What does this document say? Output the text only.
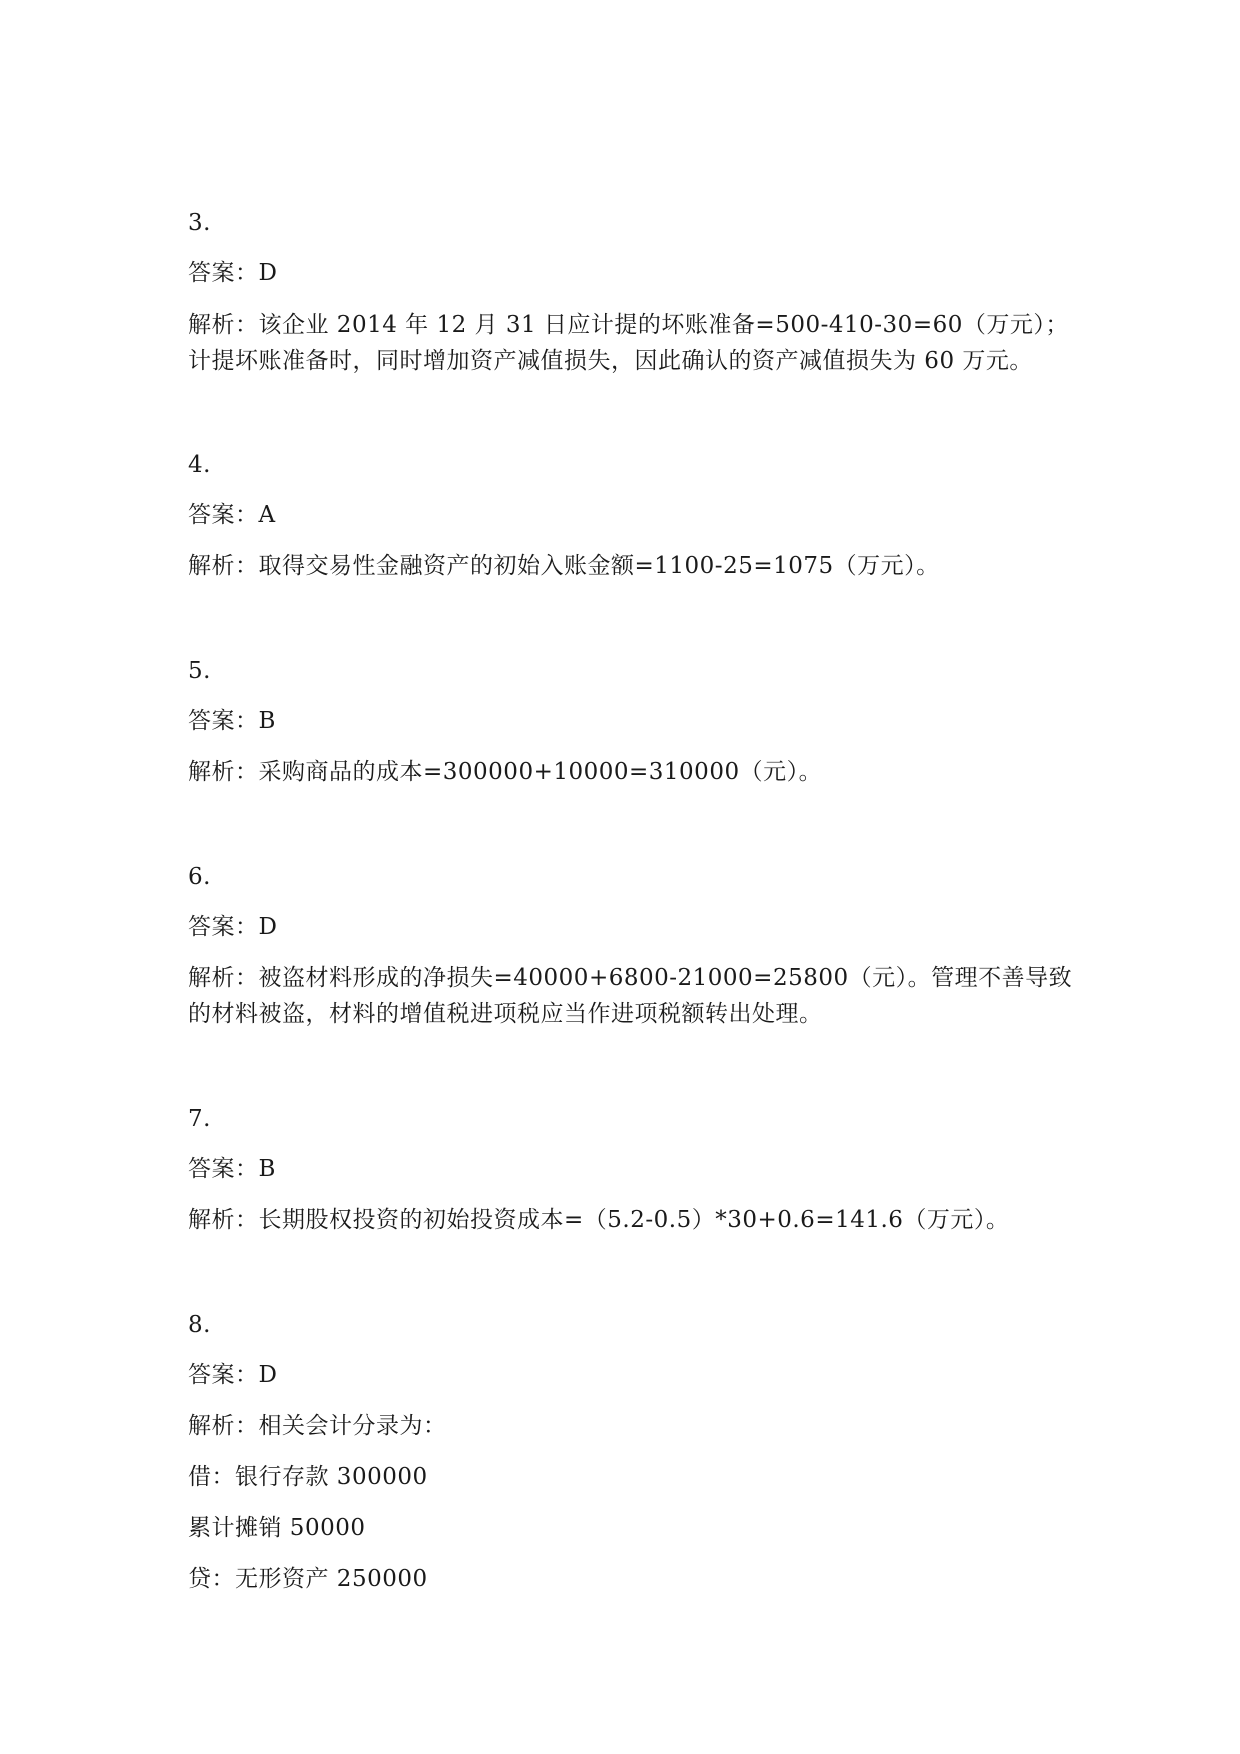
3.
答案：D
解析：该企业 2014 年 12 月 31 日应计提的坏账准备=500-410-30=60（万元）；
计提坏账准备时，同时增加资产减值损失，因此确认的资产减值损失为 60 万元。
4.
答案：A
解析：取得交易性金融资产的初始入账金额=1100-25=1075（万元）。
5.
答案：B
解析：采购商品的成本=300000+10000=310000（元）。
6.
答案：D
解析：被盗材料形成的净损失=40000+6800-21000=25800（元）。管理不善导致
的材料被盗，材料的增值税进项税应当作进项税额转出处理。
7.
答案：B
解析：长期股权投资的初始投资成本=（5.2-0.5）*30+0.6=141.6（万元）。
8.
答案：D
解析：相关会计分录为：
借：银行存款 300000
累计摊销 50000
贷：无形资产 250000
